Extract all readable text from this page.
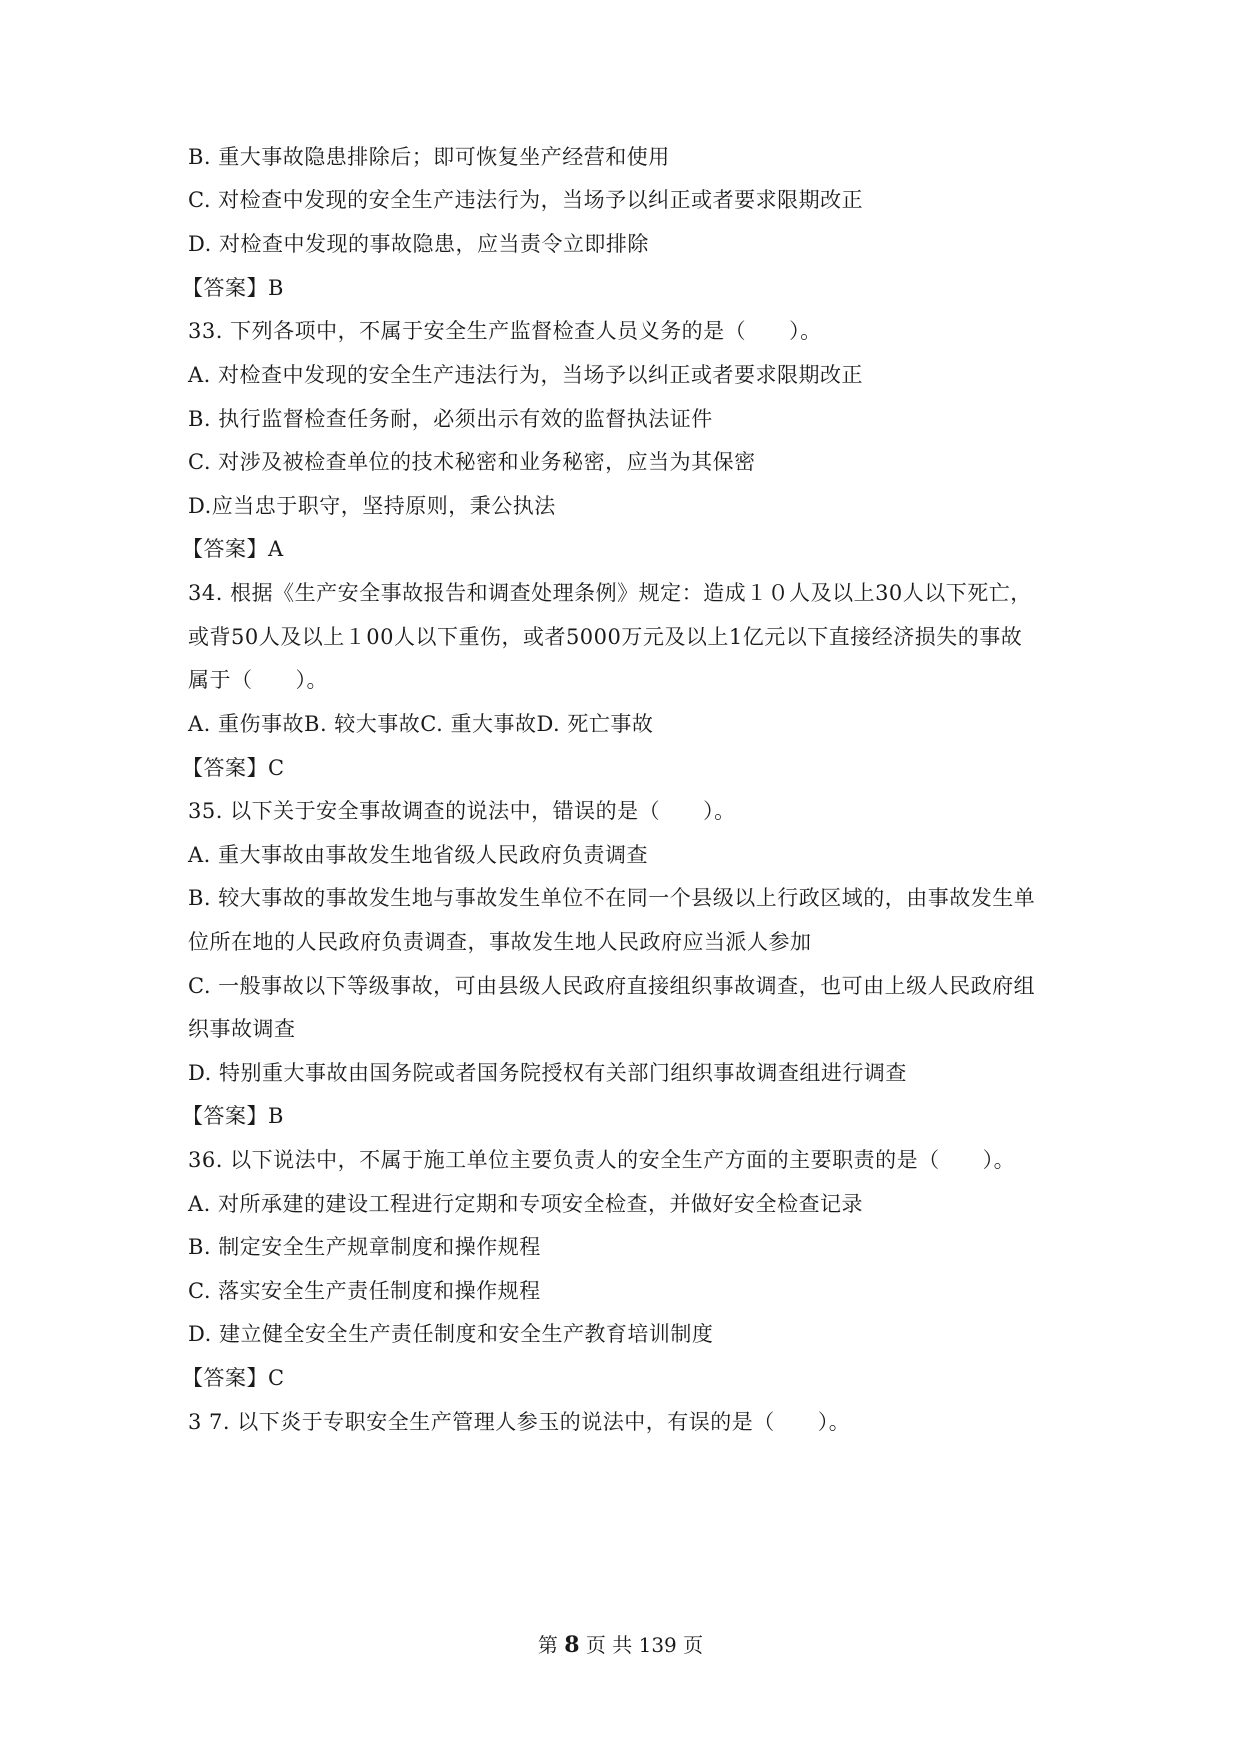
B. 重大事故隐患排除后；即可恢复坐产经营和使用
C. 对检查中发现的安全生产违法行为，当场予以纠正或者要求限期改正
D. 对检查中发现的事故隐患，应当责令立即排除
【答案】B
33. 下列各项中，不属于安全生产监督检查人员义务的是（　　）。
A. 对检查中发现的安全生产违法行为，当场予以纠正或者要求限期改正
B. 执行监督检查任务耐，必须出示有效的监督执法证件
C. 对涉及被检查单位的技术秘密和业务秘密，应当为其保密
D.应当忠于职守，坚持原则，秉公执法
【答案】A
34. 根据《生产安全事故报告和调查处理条例》规定：造成１０人及以上30人以下死亡，
或背50人及以上１00人以下重伤，或者5000万元及以上1亿元以下直接经济损失的事故
属于（　　）。
A. 重伤事故B. 较大事故C. 重大事故D. 死亡事故
【答案】C
35. 以下关于安全事故调查的说法中，错误的是（　　）。
A. 重大事故由事故发生地省级人民政府负责调查
B. 较大事故的事故发生地与事故发生单位不在同一个县级以上行政区域的，由事故发生单
位所在地的人民政府负责调查，事故发生地人民政府应当派人参加
C. 一般事故以下等级事故，可由县级人民政府直接组织事故调查，也可由上级人民政府组
织事故调查
D. 特别重大事故由国务院或者国务院授权有关部门组织事故调查组进行调查
【答案】B
36. 以下说法中，不属于施工单位主要负责人的安全生产方面的主要职责的是（　　）。
A. 对所承建的建设工程进行定期和专项安全检查，并做好安全检查记录
B. 制定安全生产规章制度和操作规程
C. 落实安全生产责任制度和操作规程
D. 建立健全安全生产责任制度和安全生产教育培训制度
【答案】C
3 7. 以下炎于专职安全生产管理人参玉的说法中，有误的是（　　）。
第 8 页 共 139 页
